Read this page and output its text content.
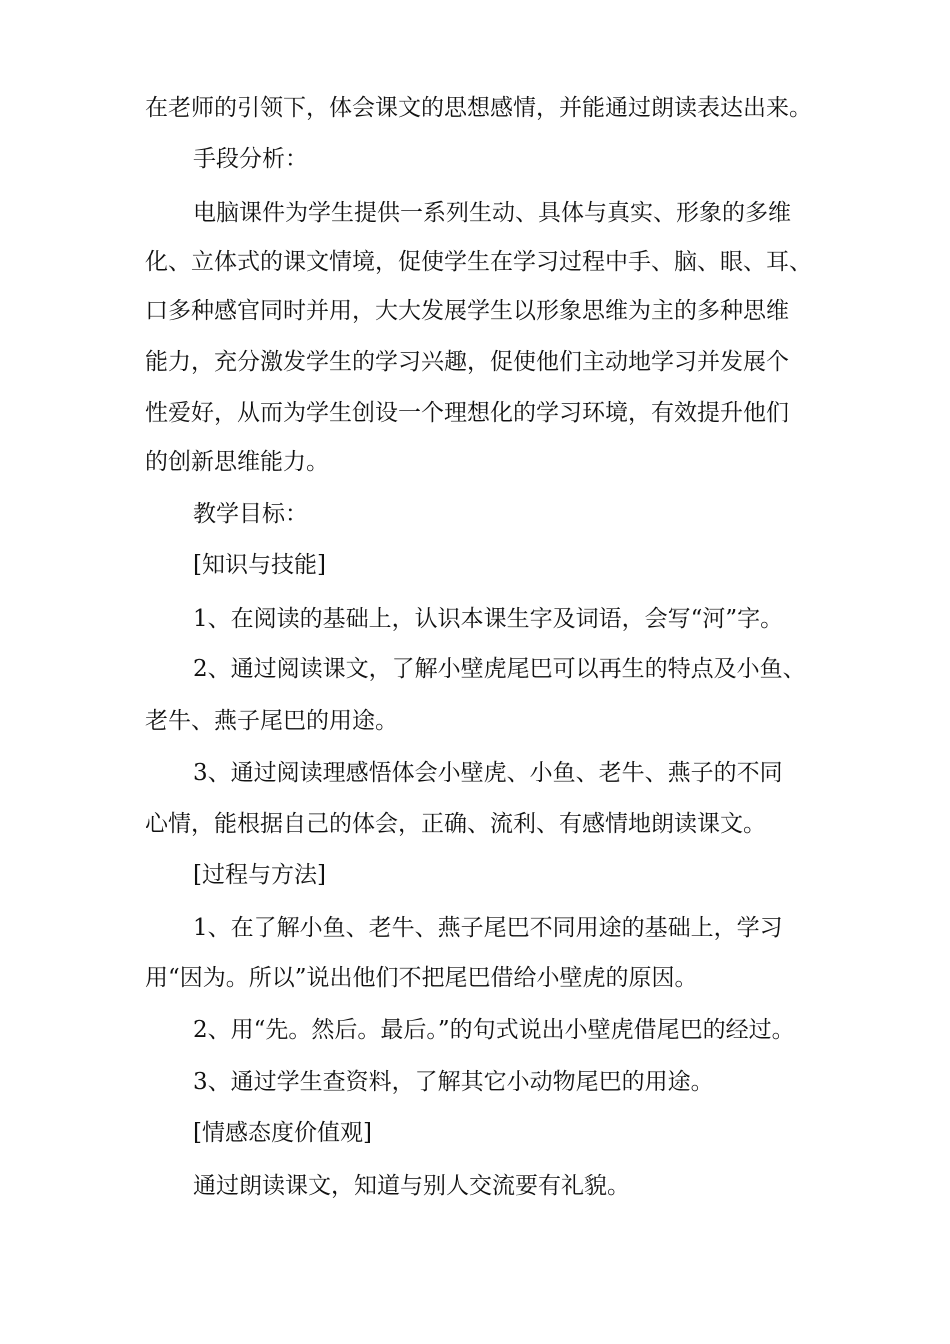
在老师的引领下，体会课文的思想感情，并能通过朗读表达出来。

手段分析：

电脑课件为学生提供一系列生动、具体与真实、形象的多维

化、立体式的课文情境，促使学生在学习过程中手、脑、眼、耳、

口多种感官同时并用，大大发展学生以形象思维为主的多种思维

能力，充分激发学生的学习兴趣，促使他们主动地学习并发展个

性爱好，从而为学生创设一个理想化的学习环境，有效提升他们

的创新思维能力。

教学目标：

[知识与技能]

1、在阅读的基础上，认识本课生字及词语，会写“河”字。

2、通过阅读课文，了解小壁虎尾巴可以再生的特点及小鱼、

老牛、燕子尾巴的用途。

3、通过阅读理感悟体会小壁虎、小鱼、老牛、燕子的不同

心情，能根据自己的体会，正确、流利、有感情地朗读课文。

[过程与方法]

1、在了解小鱼、老牛、燕子尾巴不同用途的基础上，学习

用“因为。所以”说出他们不把尾巴借给小壁虎的原因。

2、用“先。然后。最后。”的句式说出小壁虎借尾巴的经过。

3、通过学生查资料，了解其它小动物尾巴的用途。

[情感态度价值观]

通过朗读课文，知道与别人交流要有礼貌。
